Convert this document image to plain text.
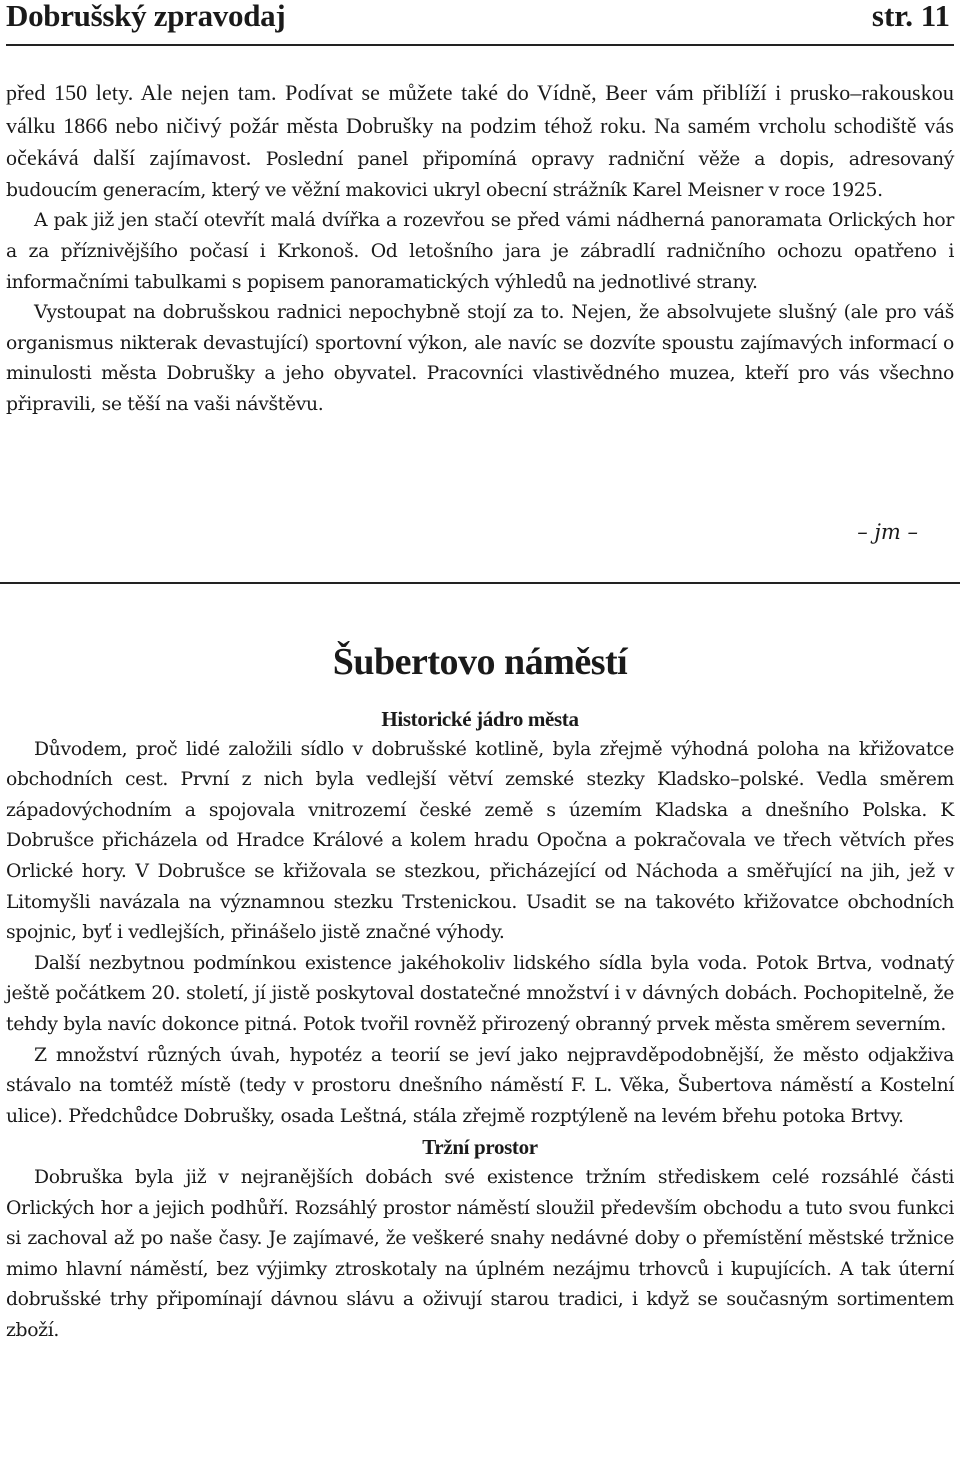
Dobrušský zpravodaj	str. 11

před 150 lety. Ale nejen tam. Podívat se můžete také do Vídně, Beer vám přiblíží i prusko–rakouskou válku 1866 nebo ničivý požár města Dobrušky na podzim téhož roku. Na samém vrcholu schodiště vás očekává další zajímavost. Poslední panel připomíná opravy radniční věže a dopis, adresovaný budoucím generacím, který ve věžní makovici ukryl obecní strážník Karel Meisner v roce 1925.

A pak již jen stačí otevřít malá dvířka a rozevřou se před vámi nádherná panoramata Orlických hor a za příznivějšího počasí i Krkonoš. Od letošního jara je zábradlí radničního ochozu opatřeno i informačními tabulkami s popisem panoramatických výhledů na jednotlivé strany.

Vystoupat na dobrušskou radnici nepochybně stojí za to. Nejen, že absolvujete slušný (ale pro váš organismus nikterak devastující) sportovní výkon, ale navíc se dozvíte spoustu zajímavých informací o minulosti města Dobrušky a jeho obyvatel. Pracovníci vlastivědného muzea, kteří pro vás všechno připravili, se těší na vaši návštěvu.

– jm –
Šubertovo náměstí
Historické jádro města

Důvodem, proč lidé založili sídlo v dobrušské kotlině, byla zřejmě výhodná poloha na křižovatce obchodních cest. První z nich byla vedlejší větví zemské stezky Kladsko–polské. Vedla směrem západovýchodním a spojovala vnitrozemí české země s územím Kladska a dnešního Polska. K Dobrušce přicházela od Hradce Králové a kolem hradu Opočna a pokračovala ve třech větvích přes Orlické hory. V Dobrušce se křižovala se stezkou, přicházející od Náchoda a směřující na jih, jež v Litomyšli navázala na významnou stezku Trstenickou. Usadit se na takovéto křižovatce obchodních spojnic, byť i vedlejších, přinášelo jistě značné výhody.

Další nezbytnou podmínkou existence jakéhokoliv lidského sídla byla voda. Potok Brtva, vodnatý ještě počátkem 20. století, jí jistě poskytoval dostatečné množství i v dávných dobách. Pochopitelně, že tehdy byla navíc dokonce pitná. Potok tvořil rovněž přirozený obranný prvek města směrem severním.

Z množství různých úvah, hypotéz a teorií se jeví jako nejpravděpodobnější, že město odjakživa stávalo na tomtéž místě (tedy v prostoru dnešního náměstí F. L. Věka, Šubertova náměstí a Kostelní ulice). Předchůdce Dobrušky, osada Leštná, stála zřejmě rozptýleně na levém břehu potoka Brtvy.

Tržní prostor

Dobruška byla již v nejranějších dobách své existence tržním střediskem celé rozsáhlé části Orlických hor a jejich podhůří. Rozsáhlý prostor náměstí sloužil především obchodu a tuto svou funkci si zachoval až po naše časy. Je zajímavé, že veškeré snahy nedávné doby o přemístění městské tržnice mimo hlavní náměstí, bez výjimky ztroskotaly na úplném nezájmu trhovců i kupujících. A tak úterní dobrušské trhy připomínají dávnou slávu a oživují starou tradici, i když se současným sortimentem zboží.
